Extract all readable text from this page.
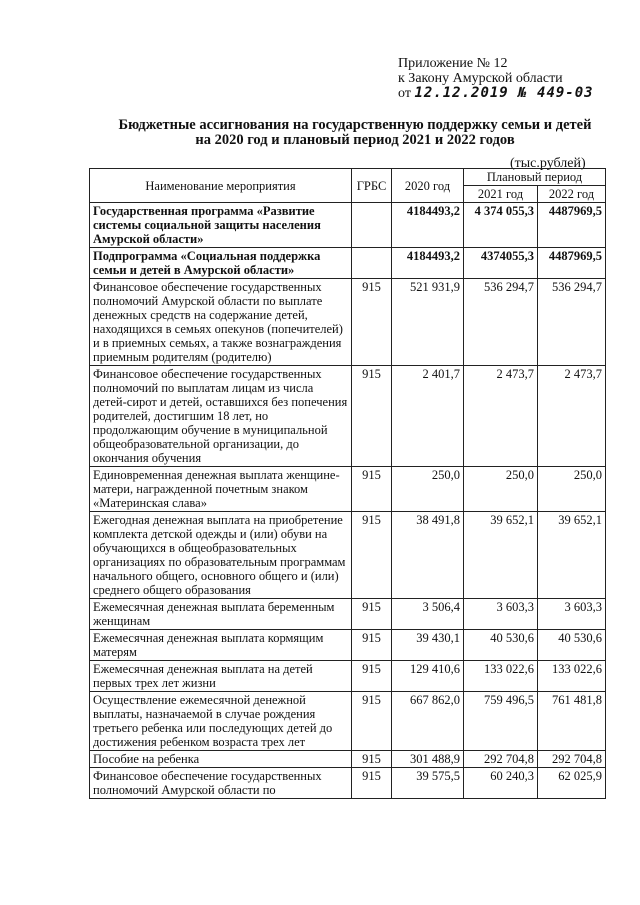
Приложение № 12
к Закону Амурской области
от 12.12.2019 № 449-03
Бюджетные ассигнования на государственную поддержку семьи и детей на 2020 год и плановый период 2021 и 2022 годов
(тыс.рублей)
Наименование мероприятия	ГРБС	2020 год	Плановый период	
			2021 год	2022 год
Государственная программа «Развитие системы социальной защиты населения Амурской области»		4184493,2	4 374 055,3	4487969,5
Подпрограмма «Социальная поддержка семьи и детей в Амурской области»		4184493,2	4374055,3	4487969,5
Финансовое обеспечение государственных полномочий Амурской области по выплате денежных средств на содержание детей, находящихся в семьях опекунов (попечителей) и в приемных семьях, а также вознаграждения приемным родителям (родителю)	915	521 931,9	536 294,7	536 294,7
Финансовое обеспечение государственных полномочий по выплатам лицам из числа детей-сирот и детей, оставшихся без попечения родителей, достигшим 18 лет, но продолжающим обучение в муниципальной общеобразовательной организации, до окончания обучения	915	2 401,7	2 473,7	2 473,7
Единовременная денежная выплата женщине-матери, награжденной почетным знаком «Материнская слава»	915	250,0	250,0	250,0
Ежегодная денежная выплата на приобретение комплекта детской одежды и (или) обуви на обучающихся в общеобразовательных организациях по образовательным программам начального общего, основного общего и (или) среднего общего образования	915	38 491,8	39 652,1	39 652,1
Ежемесячная денежная выплата беременным женщинам	915	3 506,4	3 603,3	3 603,3
Ежемесячная денежная выплата кормящим матерям	915	39 430,1	40 530,6	40 530,6
Ежемесячная денежная выплата на детей первых трех лет жизни	915	129 410,6	133 022,6	133 022,6
Осуществление ежемесячной денежной выплаты, назначаемой в случае рождения третьего ребенка или последующих детей до достижения ребенком возраста трех лет	915	667 862,0	759 496,5	761 481,8
Пособие на ребенка	915	301 488,9	292 704,8	292 704,8
Финансовое обеспечение государственных полномочий Амурской области по	915	39 575,5	60 240,3	62 025,9
